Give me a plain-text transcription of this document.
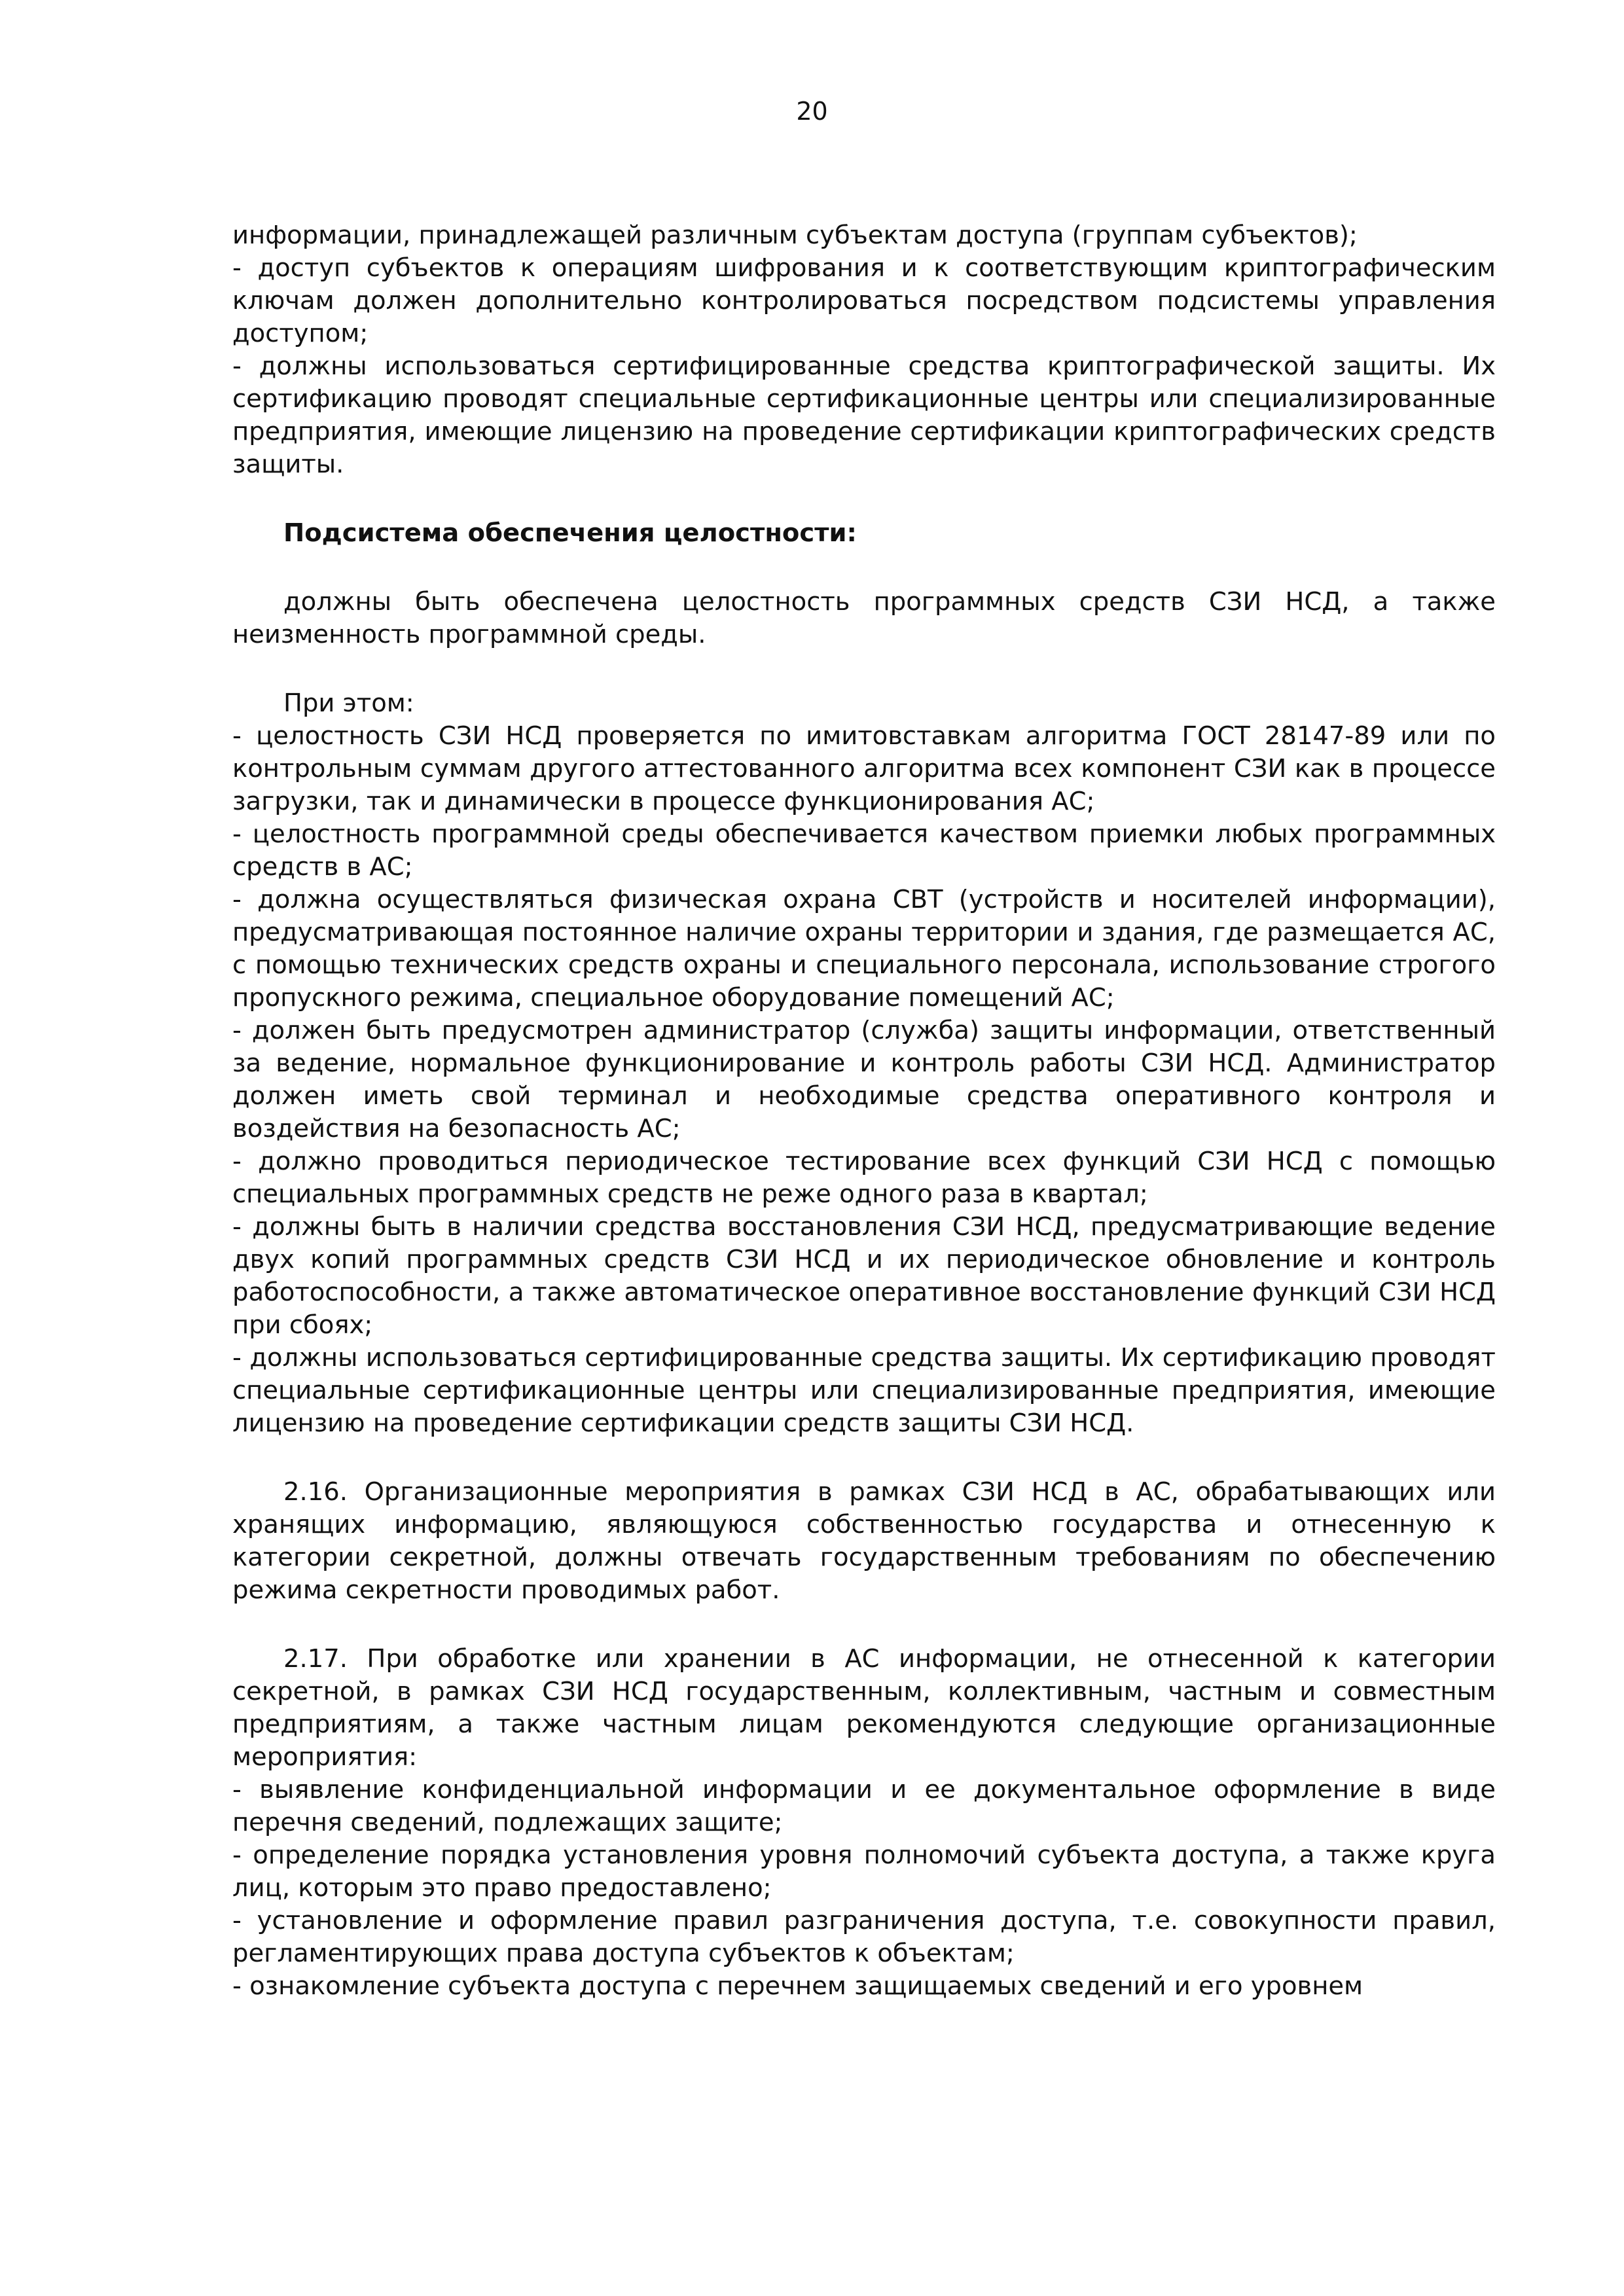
20

информации, принадлежащей различным субъектам доступа (группам субъектов);

- доступ субъектов к операциям шифрования и к соответствующим криптографическим ключам должен дополнительно контролироваться посредством подсистемы управления доступом;

- должны использоваться сертифицированные средства криптографической защиты. Их сертификацию проводят специальные сертификационные центры или специализированные предприятия, имеющие лицензию на проведение сертификации криптографических средств защиты.

Подсистема обеспечения целостности:

должны быть обеспечена целостность программных средств СЗИ НСД, а также неизменность программной среды.

При этом:

- целостность СЗИ НСД проверяется по имитовставкам алгоритма ГОСТ 28147-89 или по контрольным суммам другого аттестованного алгоритма всех компонент СЗИ как в процессе загрузки, так и динамически в процессе функционирования АС;

- целостность программной среды обеспечивается качеством приемки любых программных средств в АС;

- должна осуществляться физическая охрана СВТ (устройств и носителей информации), предусматривающая постоянное наличие охраны территории и здания, где размещается АС, с помощью технических средств охраны и специального персонала, использование строгого пропускного режима, специальное оборудование помещений АС;

- должен быть предусмотрен администратор (служба) защиты информации, ответственный за ведение, нормальное функционирование и контроль работы СЗИ НСД. Администратор должен иметь свой терминал и необходимые средства оперативного контроля и воздействия на безопасность АС;

- должно проводиться периодическое тестирование всех функций СЗИ НСД с помощью специальных программных средств не реже одного раза в квартал;

- должны быть в наличии средства восстановления СЗИ НСД, предусматривающие ведение двух копий программных средств СЗИ НСД и их периодическое обновление и контроль работоспособности, а также автоматическое оперативное восстановление функций СЗИ НСД при сбоях;

- должны использоваться сертифицированные средства защиты. Их сертификацию проводят специальные сертификационные центры или специализированные предприятия, имеющие лицензию на проведение сертификации средств защиты СЗИ НСД.

2.16. Организационные мероприятия в рамках СЗИ НСД в АС, обрабатывающих или хранящих информацию, являющуюся собственностью государства и отнесенную к категории секретной, должны отвечать государственным требованиям по обеспечению режима секретности проводимых работ.

2.17. При обработке или хранении в АС информации, не отнесенной к категории секретной, в рамках СЗИ НСД государственным, коллективным, частным и совместным предприятиям, а также частным лицам рекомендуются следующие организационные мероприятия:

- выявление конфиденциальной информации и ее документальное оформление в виде перечня сведений, подлежащих защите;

- определение порядка установления уровня полномочий субъекта доступа, а также круга лиц, которым это право предоставлено;

- установление и оформление правил разграничения доступа, т.е. совокупности правил, регламентирующих права доступа субъектов к объектам;

- ознакомление субъекта доступа с перечнем защищаемых сведений и его уровнем
